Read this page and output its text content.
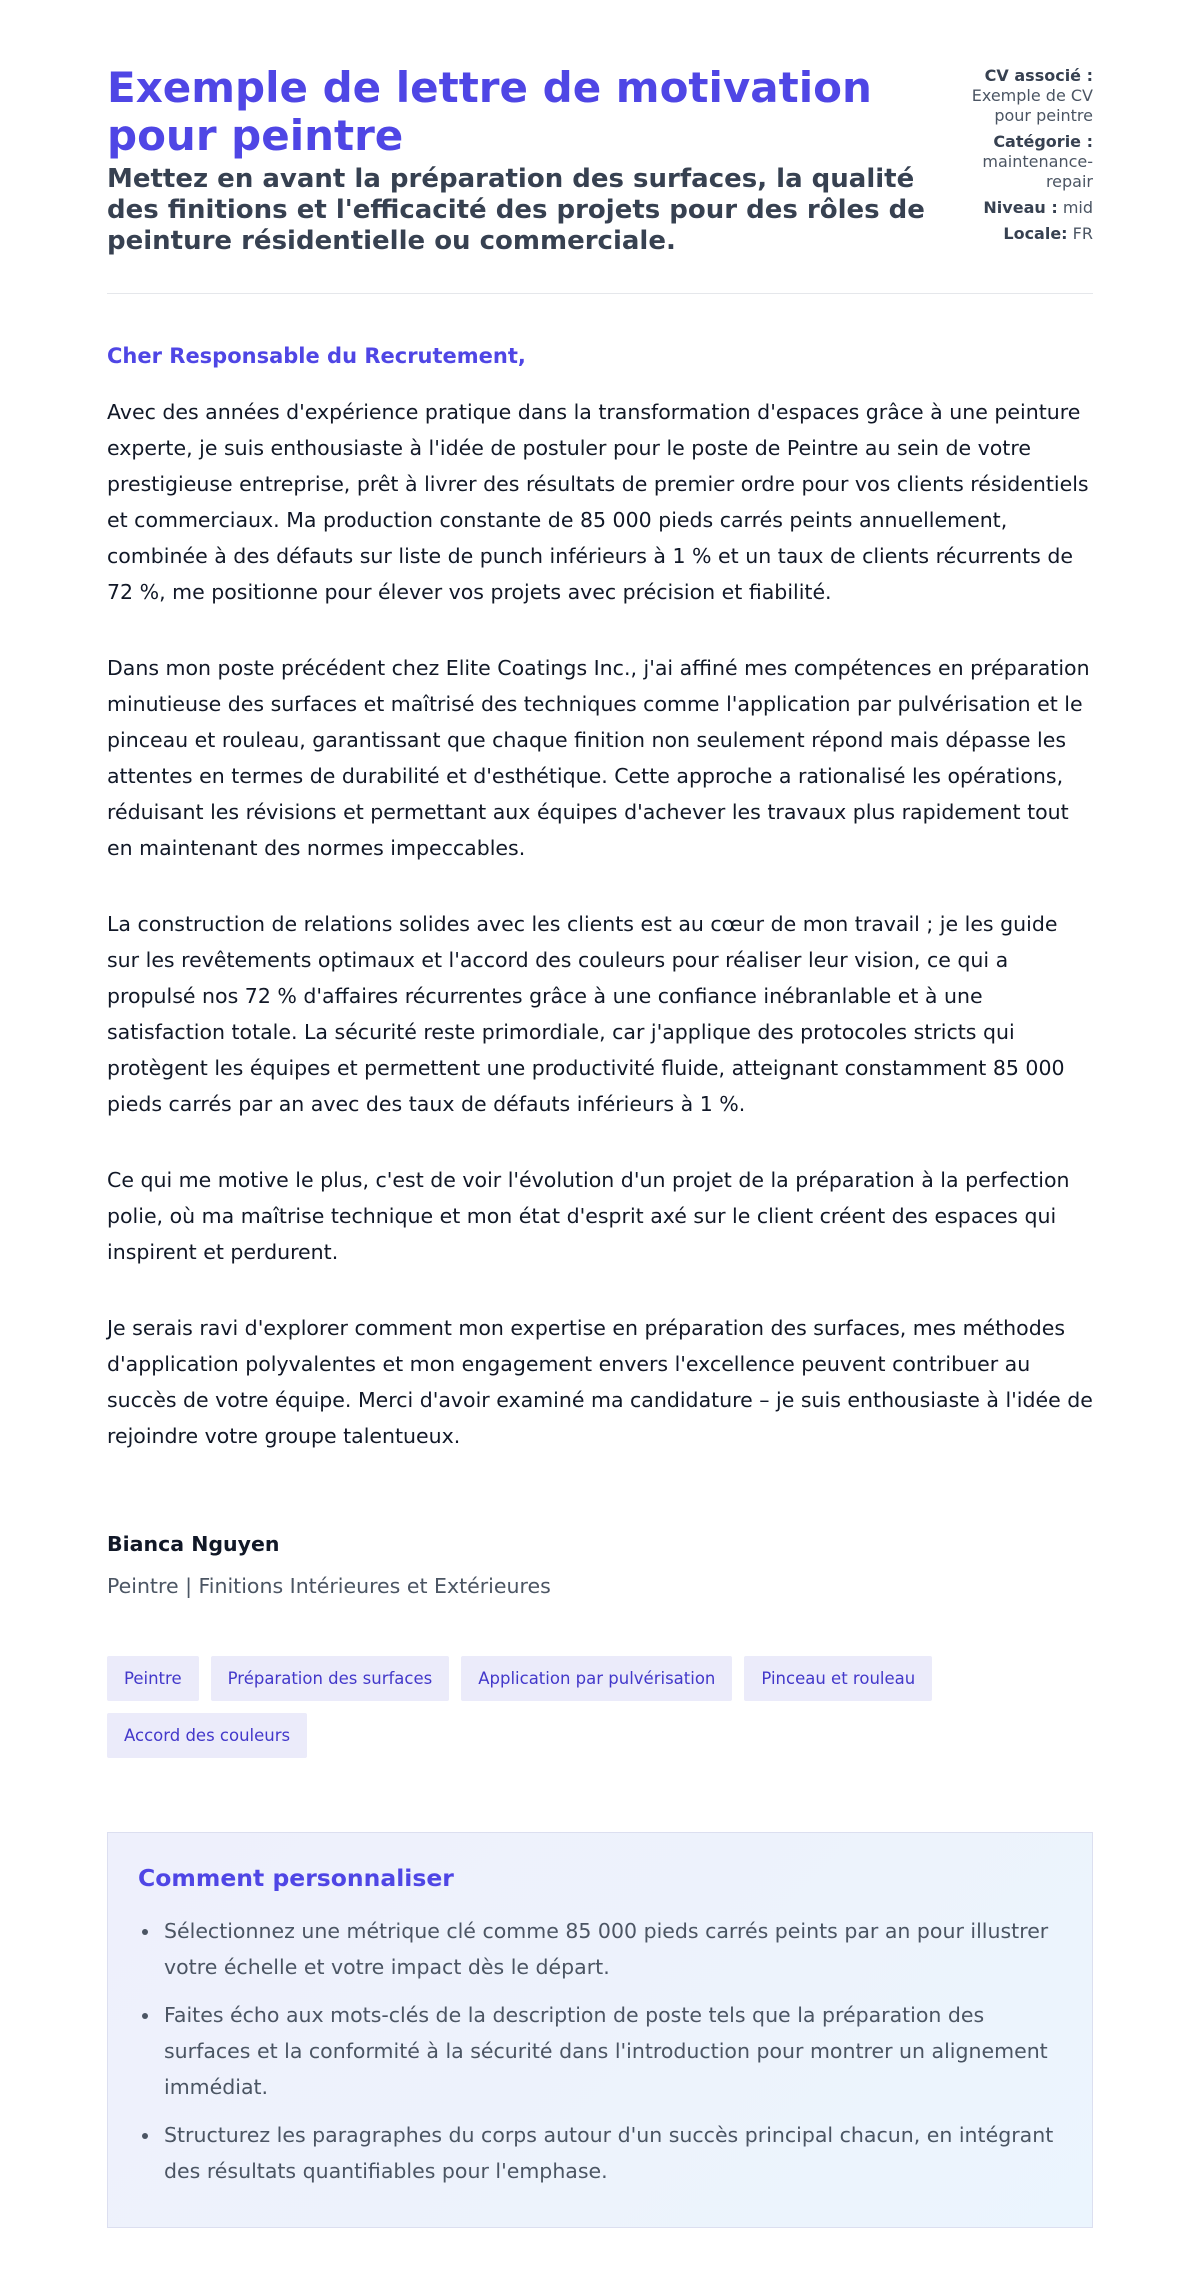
Exemple de lettre de motivation pour peintre
Mettez en avant la préparation des surfaces, la qualité des finitions et l'efficacité des projets pour des rôles de peinture résidentielle ou commerciale.
CV associé : Exemple de CV pour peintre
Catégorie : maintenance-repair
Niveau : mid
Locale: FR

Cher Responsable du Recrutement,

Avec des années d'expérience pratique dans la transformation d'espaces grâce à une peinture experte, je suis enthousiaste à l'idée de postuler pour le poste de Peintre au sein de votre prestigieuse entreprise, prêt à livrer des résultats de premier ordre pour vos clients résidentiels et commerciaux. Ma production constante de 85 000 pieds carrés peints annuellement, combinée à des défauts sur liste de punch inférieurs à 1 % et un taux de clients récurrents de 72 %, me positionne pour élever vos projets avec précision et fiabilité.

Dans mon poste précédent chez Elite Coatings Inc., j'ai affiné mes compétences en préparation minutieuse des surfaces et maîtrisé des techniques comme l'application par pulvérisation et le pinceau et rouleau, garantissant que chaque finition non seulement répond mais dépasse les attentes en termes de durabilité et d'esthétique. Cette approche a rationalisé les opérations, réduisant les révisions et permettant aux équipes d'achever les travaux plus rapidement tout en maintenant des normes impeccables.

La construction de relations solides avec les clients est au cœur de mon travail ; je les guide sur les revêtements optimaux et l'accord des couleurs pour réaliser leur vision, ce qui a propulsé nos 72 % d'affaires récurrentes grâce à une confiance inébranlable et à une satisfaction totale. La sécurité reste primordiale, car j'applique des protocoles stricts qui protègent les équipes et permettent une productivité fluide, atteignant constamment 85 000 pieds carrés par an avec des taux de défauts inférieurs à 1 %.

Ce qui me motive le plus, c'est de voir l'évolution d'un projet de la préparation à la perfection polie, où ma maîtrise technique et mon état d'esprit axé sur le client créent des espaces qui inspirent et perdurent.

Je serais ravi d'explorer comment mon expertise en préparation des surfaces, mes méthodes d'application polyvalentes et mon engagement envers l'excellence peuvent contribuer au succès de votre équipe. Merci d'avoir examiné ma candidature – je suis enthousiaste à l'idée de rejoindre votre groupe talentueux.

Bianca Nguyen
Peintre | Finitions Intérieures et Extérieures
Peintre	Préparation des surfaces	Application par pulvérisation	Pinceau et rouleau
Accord des couleurs
Comment personnaliser
Sélectionnez une métrique clé comme 85 000 pieds carrés peints par an pour illustrer votre échelle et votre impact dès le départ.
Faites écho aux mots-clés de la description de poste tels que la préparation des surfaces et la conformité à la sécurité dans l'introduction pour montrer un alignement immédiat.
Structurez les paragraphes du corps autour d'un succès principal chacun, en intégrant des résultats quantifiables pour l'emphase.
